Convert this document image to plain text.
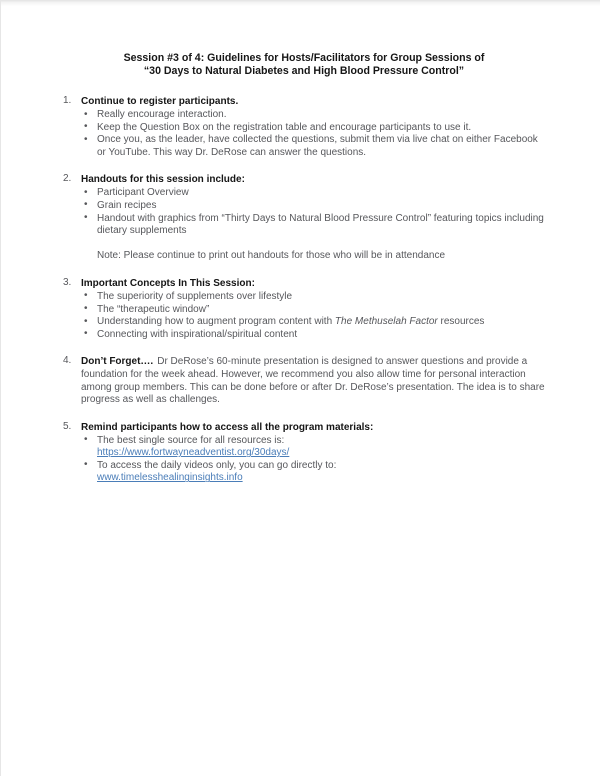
Session #3 of 4: Guidelines for Hosts/Facilitators for Group Sessions of
“30 Days to Natural Diabetes and High Blood Pressure Control”
1. Continue to register participants.
• Really encourage interaction.
• Keep the Question Box on the registration table and encourage participants to use it.
• Once you, as the leader, have collected the questions, submit them via live chat on either Facebook or YouTube. This way Dr. DeRose can answer the questions.
2. Handouts for this session include:
• Participant Overview
• Grain recipes
• Handout with graphics from “Thirty Days to Natural Blood Pressure Control” featuring topics including dietary supplements
Note: Please continue to print out handouts for those who will be in attendance
3. Important Concepts In This Session:
• The superiority of supplements over lifestyle
• The “therapeutic window”
• Understanding how to augment program content with The Methuselah Factor resources
• Connecting with inspirational/spiritual content
4. Don’t Forget…. Dr DeRose’s 60-minute presentation is designed to answer questions and provide a foundation for the week ahead. However, we recommend you also allow time for personal interaction among group members. This can be done before or after Dr. DeRose’s presentation. The idea is to share progress as well as challenges.
5. Remind participants how to access all the program materials:
• The best single source for all resources is:
https://www.fortwayneadventist.org/30days/
• To access the daily videos only, you can go directly to:
www.timelesshealinginsights.info
